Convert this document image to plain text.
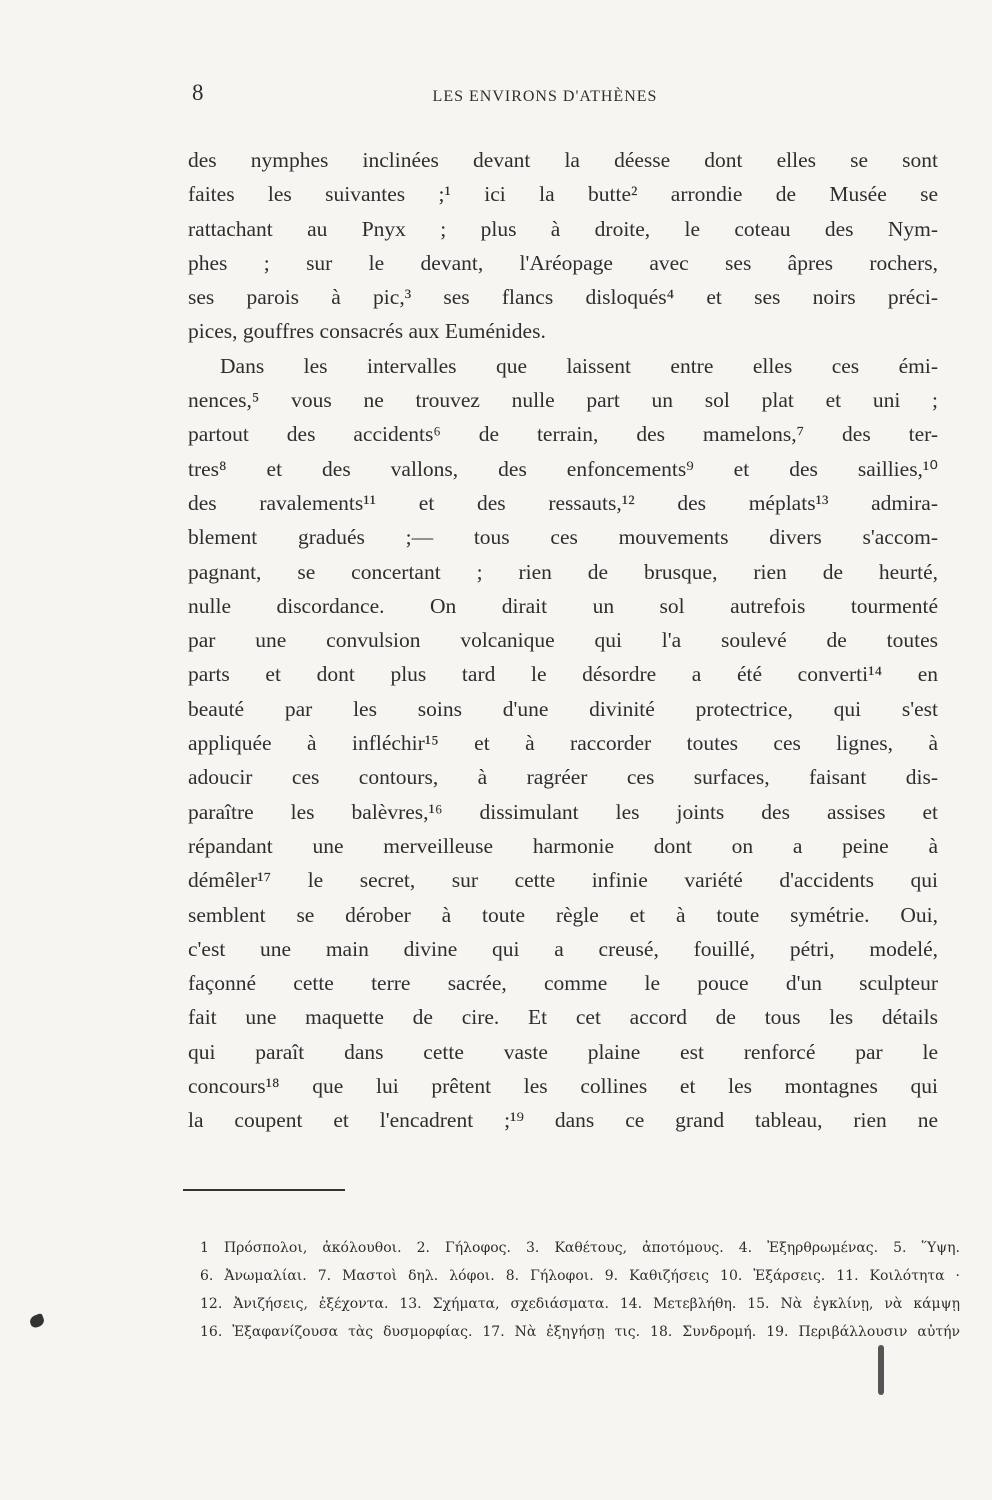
8	LES ENVIRONS D'ATHÈNES
des nymphes inclinées devant la déesse dont elles se sont
faites les suivantes ;¹ ici la butte² arrondie de Musée se
rattachant au Pnyx ; plus à droite, le coteau des Nym-
phes ; sur le devant, l'Aréopage avec ses âpres rochers,
ses parois à pic,³ ses flancs disloqués⁴ et ses noirs préci-
pices, gouffres consacrés aux Euménides.
Dans les intervalles que laissent entre elles ces émi-
nences,⁵ vous ne trouvez nulle part un sol plat et uni ;
partout des accidents⁶ de terrain, des mamelons,⁷ des ter-
tres⁸ et des vallons, des enfoncements⁹ et des saillies,¹⁰
des ravalements¹¹ et des ressauts,¹² des méplats¹³ admira-
blement gradués ;— tous ces mouvements divers s'accom-
pagnant, se concertant ; rien de brusque, rien de heurté,
nulle discordance. On dirait un sol autrefois tourmenté
par une convulsion volcanique qui l'a soulevé de toutes
parts et dont plus tard le désordre a été converti¹⁴ en
beauté par les soins d'une divinité protectrice, qui s'est
appliquée à infléchir¹⁵ et à raccorder toutes ces lignes, à
adoucir ces contours, à ragréer ces surfaces, faisant dis-
paraître les balèvres,¹⁶ dissimulant les joints des assises et
répandant une merveilleuse harmonie dont on a peine à
démêler¹⁷ le secret, sur cette infinie variété d'accidents qui
semblent se dérober à toute règle et à toute symétrie. Oui,
c'est une main divine qui a creusé, fouillé, pétri, modelé,
façonné cette terre sacrée, comme le pouce d'un sculpteur
fait une maquette de cire. Et cet accord de tous les détails
qui paraît dans cette vaste plaine est renforcé par le
concours¹⁸ que lui prêtent les collines et les montagnes qui
la coupent et l'encadrent ;¹⁹ dans ce grand tableau, rien ne
1 Πρόσπολοι, ἀκόλουθοι. 2. Γήλοφος. 3. Καθέτους, ἀποτόμους. 4. Ἐξηρθρωμένας. 5. Ὕψη.
6. Ἀνωμαλίαι. 7. Μαστοὶ δηλ. λόφοι. 8. Γήλοφοι. 9. Καθιζήσεις 10. Ἐξάρσεις. 11. Κοιλότητα ·
12. Ἀνιζήσεις, ἐξέχοντα. 13. Σχήματα, σχεδιάσματα. 14. Μετεβλήθη. 15. Νὰ ἐγκλίνῃ, νὰ κάμψῃ
16. Ἐξαφανίζουσα τὰς δυσμορφίας. 17. Νὰ ἐξηγήσῃ τις. 18. Συνδρομή. 19. Περιβάλλουσιν αὐτήν
